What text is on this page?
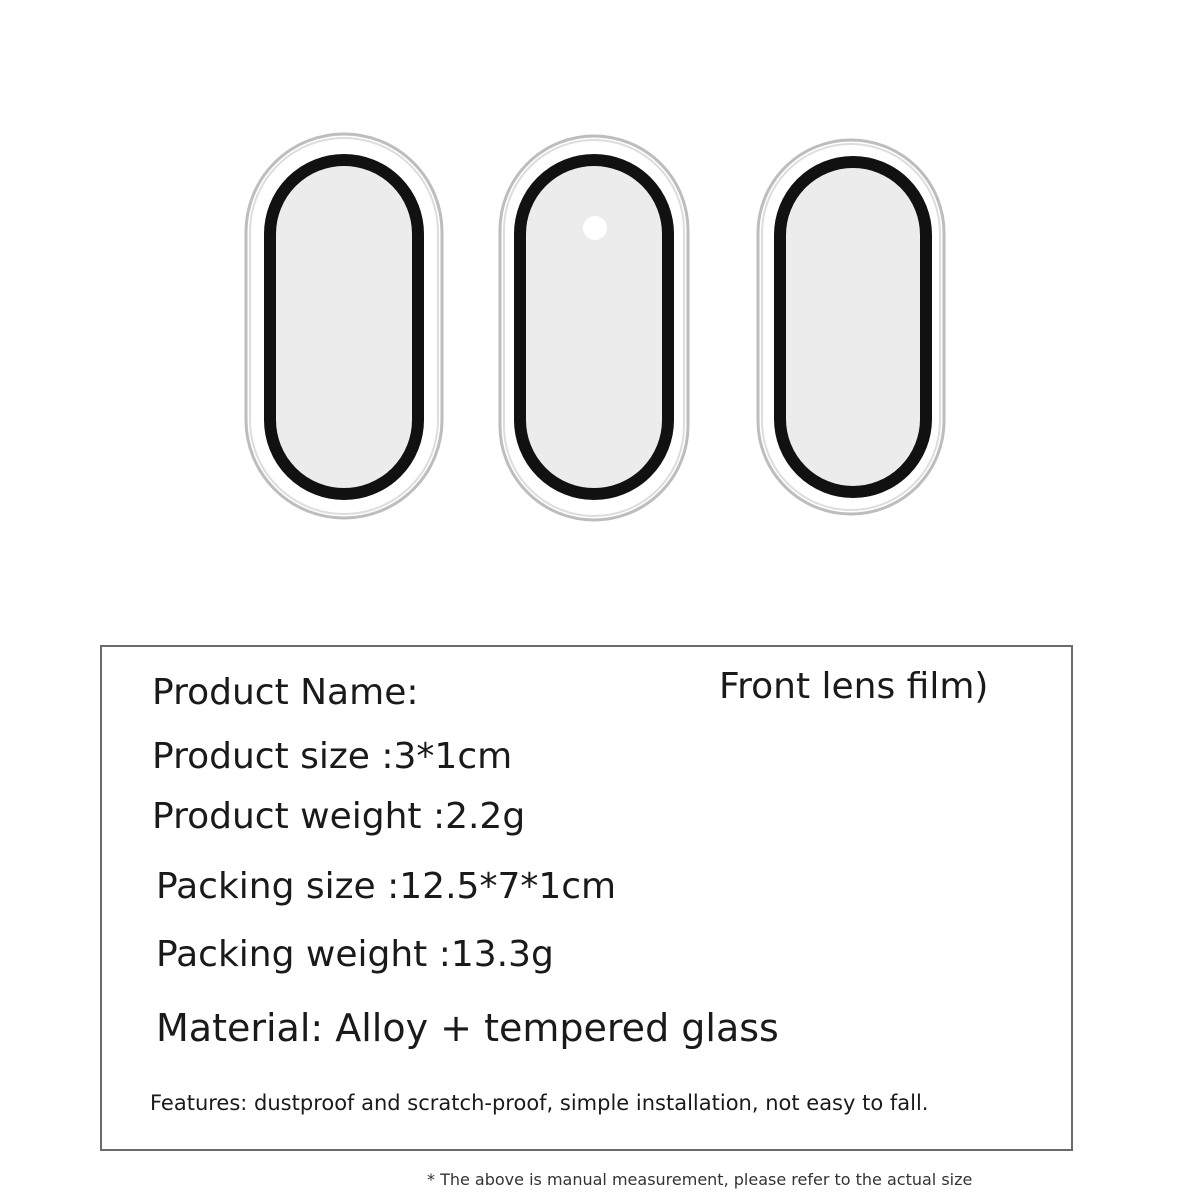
Product Name:	Front lens film)
Product size :3*1cm
Product weight :2.2g
Packing size :12.5*7*1cm
Packing weight :13.3g
Material: Alloy + tempered glass
Features: dustproof and scratch-proof, simple installation, not easy to fall.
* The above is manual measurement, please refer to the actual size
